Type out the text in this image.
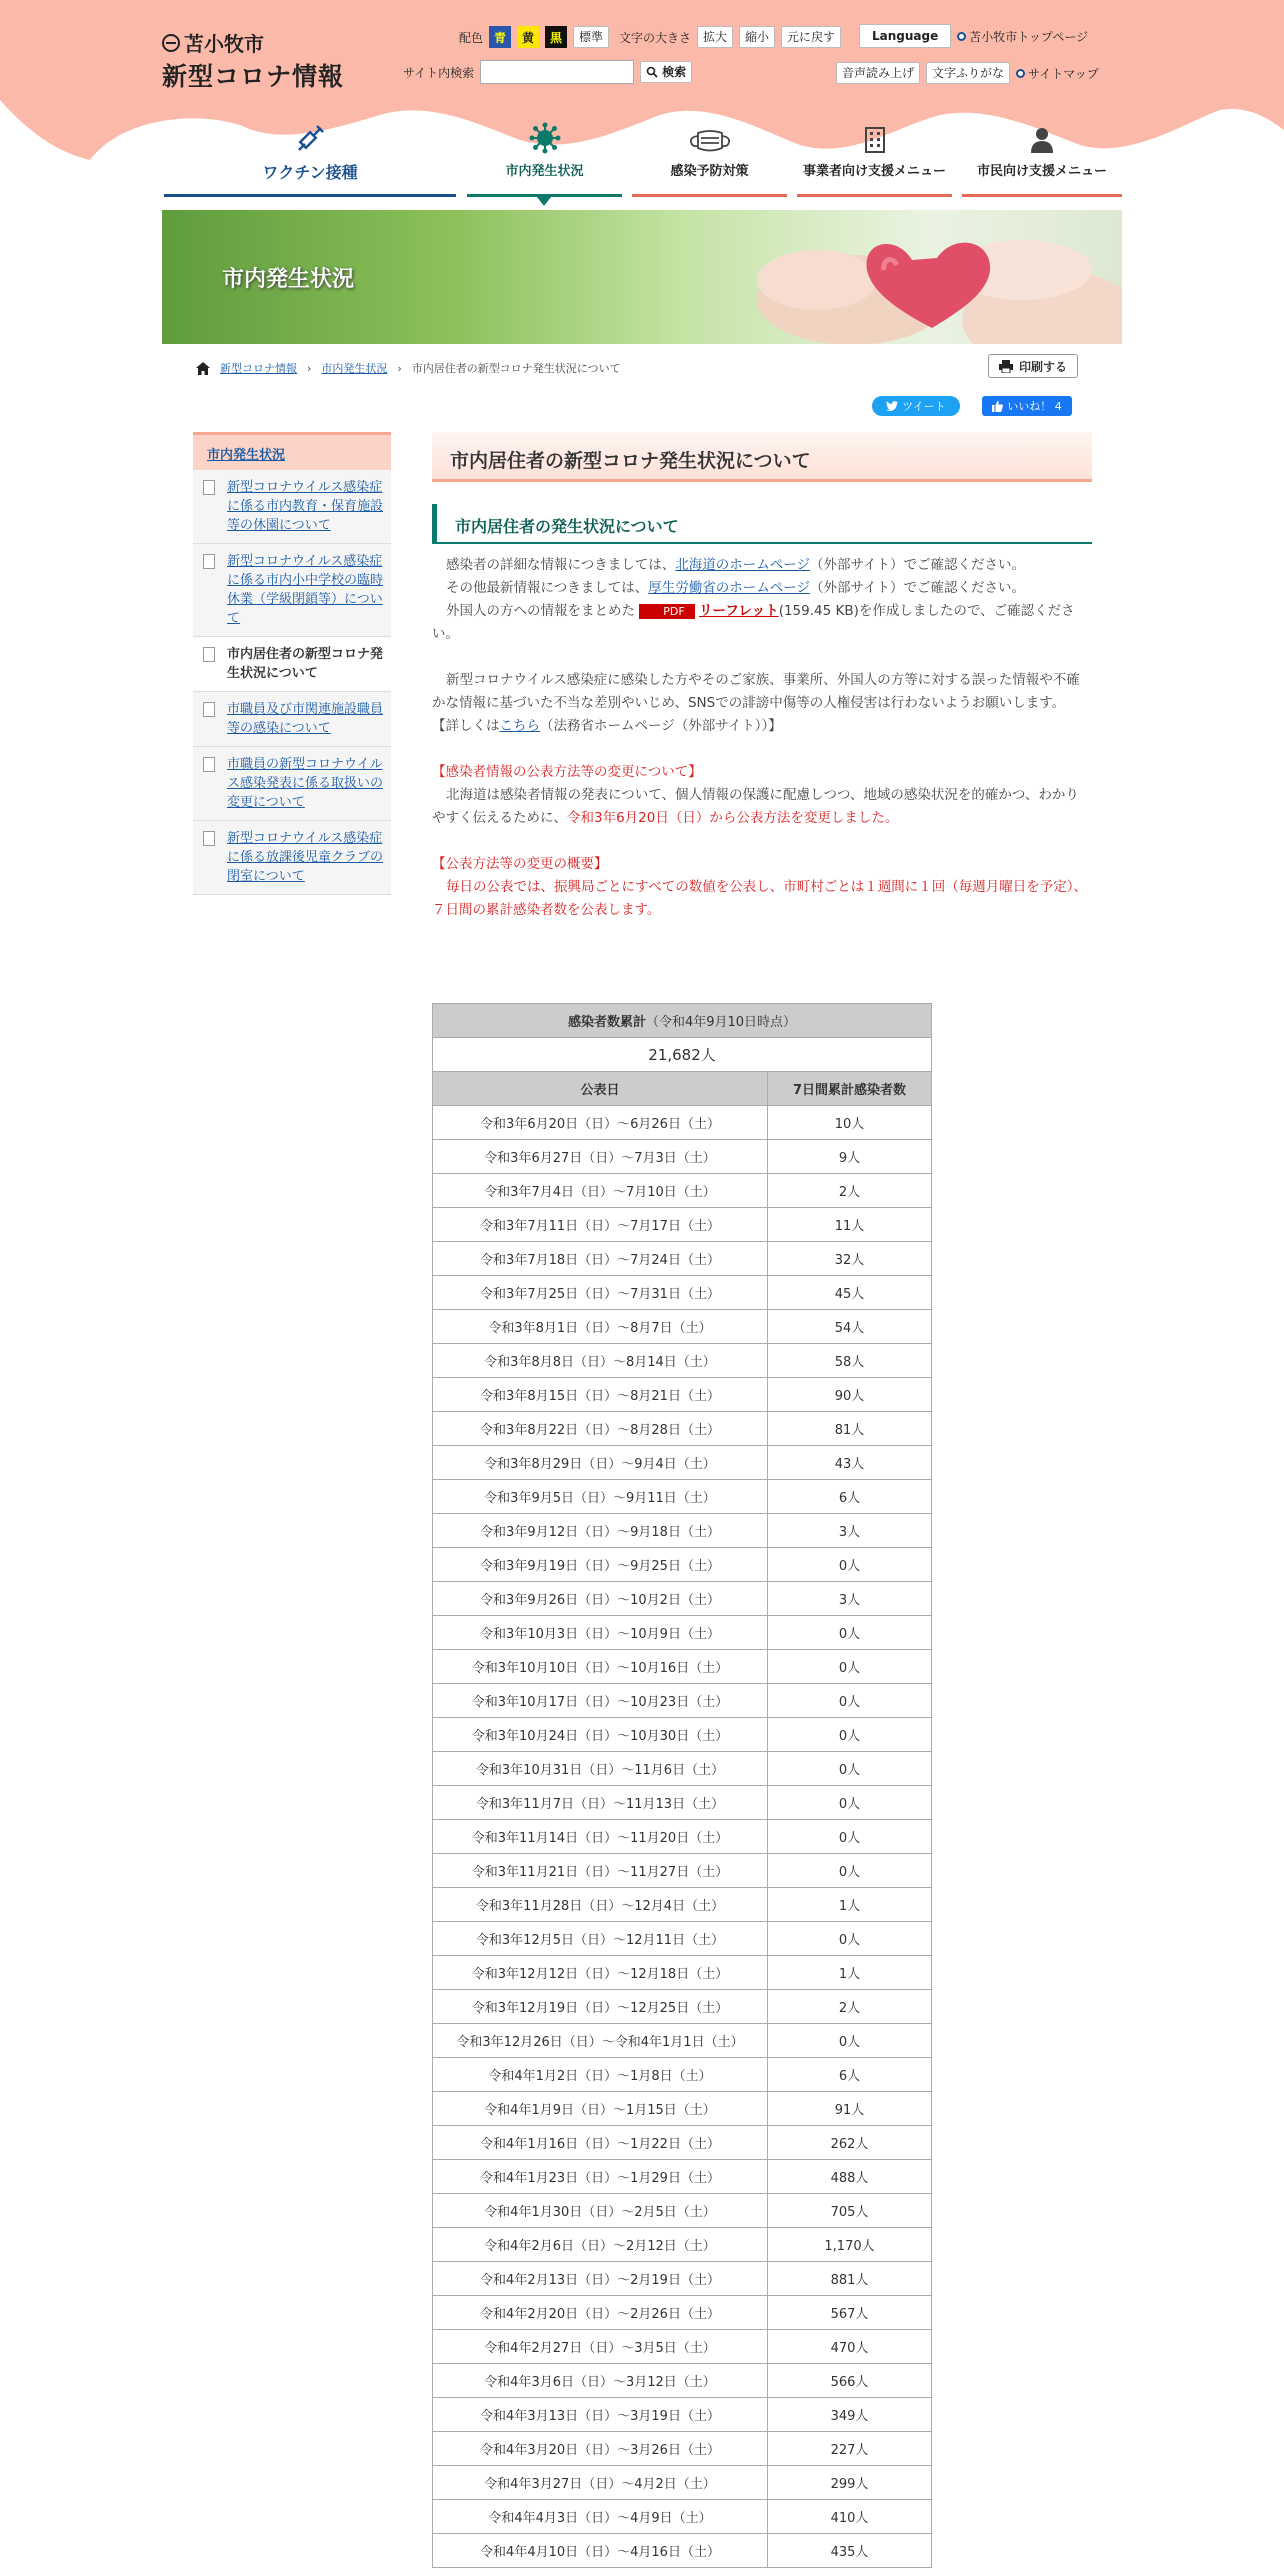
苫小牧市
新型コロナ情報
配色 青	黄	黒	標準	文字の大きさ	拡大	縮小	元に戻す	Language	苫小牧市トップページ
サイト内検索	検索	音声読み上げ	文字ふりがな	サイトマップ
ワクチン接種	市内発生状況	感染予防対策	事業者向け支援メニュー	市民向け支援メニュー
市内発生状況
新型コロナ情報 › 市内発生状況 › 市内居住者の新型コロナ発生状況について	印刷する
ツイート	いいね！ 4
市内発生状況
新型コロナウイルス感染症に係る市内教育・保育施設等の休園について
新型コロナウイルス感染症に係る市内小中学校の臨時休業（学級閉鎖等）について
市内居住者の新型コロナ発生状況について
市職員及び市関連施設職員等の感染について
市職員の新型コロナウイルス感染発表に係る取扱いの変更について
新型コロナウイルス感染症に係る放課後児童クラブの閉室について
市内居住者の新型コロナ発生状況について
市内居住者の発生状況について

感染者の詳細な情報につきましては、北海道のホームページ（外部サイト）でご確認ください。

その他最新情報につきましては、厚生労働省のホームページ（外部サイト）でご確認ください。

外国人の方への情報をまとめた	PDF リーフレット(159.45 KB)を作成しましたので、ご確認ください。

新型コロナウイルス感染症に感染した方やそのご家族、事業所、外国人の方等に対する誤った情報や不確かな情報に基づいた不当な差別やいじめ、SNSでの誹謗中傷等の人権侵害は行わないようお願いします。

【詳しくはこちら（法務省ホームページ（外部サイト））】

【感染者情報の公表方法等の変更について】

北海道は感染者情報の発表について、個人情報の保護に配慮しつつ、地域の感染状況を的確かつ、わかりやすく伝えるために、令和3年6月20日（日）から公表方法を変更しました。

【公表方法等の変更の概要】

毎日の公表では、振興局ごとにすべての数値を公表し、市町村ごとは１週間に１回（毎週月曜日を予定）、７日間の累計感染者数を公表します。

感染者数累計（令和4年9月10日時点）	
21,682人	
公表日	7日間累計感染者数
令和3年6月20日（日）～6月26日（土）	10人
令和3年6月27日（日）～7月3日（土）	9人
令和3年7月4日（日）～7月10日（土）	2人
令和3年7月11日（日）～7月17日（土）	11人
令和3年7月18日（日）～7月24日（土）	32人
令和3年7月25日（日）～7月31日（土）	45人
令和3年8月1日（日）～8月7日（土）	54人
令和3年8月8日（日）～8月14日（土）	58人
令和3年8月15日（日）～8月21日（土）	90人
令和3年8月22日（日）～8月28日（土）	81人
令和3年8月29日（日）～9月4日（土）	43人
令和3年9月5日（日）～9月11日（土）	6人
令和3年9月12日（日）～9月18日（土）	3人
令和3年9月19日（日）～9月25日（土）	0人
令和3年9月26日（日）～10月2日（土）	3人
令和3年10月3日（日）～10月9日（土）	0人
令和3年10月10日（日）～10月16日（土）	0人
令和3年10月17日（日）～10月23日（土）	0人
令和3年10月24日（日）～10月30日（土）	0人
令和3年10月31日（日）～11月6日（土）	0人
令和3年11月7日（日）～11月13日（土）	0人
令和3年11月14日（日）～11月20日（土）	0人
令和3年11月21日（日）～11月27日（土）	0人
令和3年11月28日（日）～12月4日（土）	1人
令和3年12月5日（日）～12月11日（土）	0人
令和3年12月12日（日）～12月18日（土）	1人
令和3年12月19日（日）～12月25日（土）	2人
令和3年12月26日（日）～令和4年1月1日（土）	0人
令和4年1月2日（日）～1月8日（土）	6人
令和4年1月9日（日）～1月15日（土）	91人
令和4年1月16日（日）～1月22日（土）	262人
令和4年1月23日（日）～1月29日（土）	488人
令和4年1月30日（日）～2月5日（土）	705人
令和4年2月6日（日）～2月12日（土）	1,170人
令和4年2月13日（日）～2月19日（土）	881人
令和4年2月20日（日）～2月26日（土）	567人
令和4年2月27日（日）～3月5日（土）	470人
令和4年3月6日（日）～3月12日（土）	566人
令和4年3月13日（日）～3月19日（土）	349人
令和4年3月20日（日）～3月26日（土）	227人
令和4年3月27日（日）～4月2日（土）	299人
令和4年4月3日（日）～4月9日（土）	410人
令和4年4月10日（日）～4月16日（土）	435人
